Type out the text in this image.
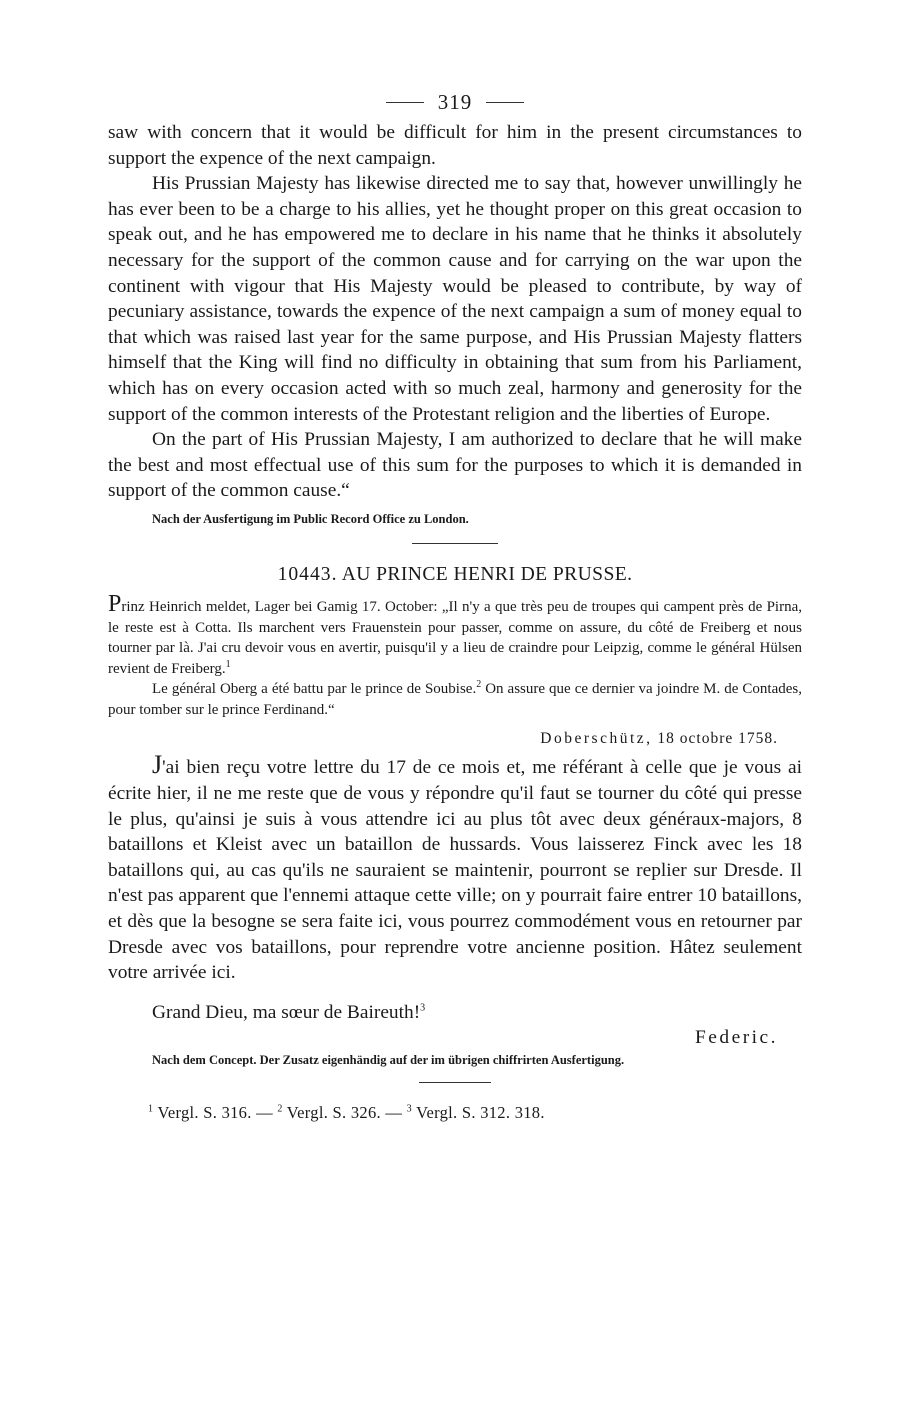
319

saw with concern that it would be difficult for him in the present circumstances to support the expence of the next campaign.

His Prussian Majesty has likewise directed me to say that, however unwillingly he has ever been to be a charge to his allies, yet he thought proper on this great occasion to speak out, and he has empowered me to declare in his name that he thinks it absolutely necessary for the support of the common cause and for carrying on the war upon the continent with vigour that His Majesty would be pleased to contribute, by way of pecuniary assistance, towards the expence of the next campaign a sum of money equal to that which was raised last year for the same purpose, and His Prussian Majesty flatters himself that the King will find no difficulty in obtaining that sum from his Parliament, which has on every occasion acted with so much zeal, harmony and generosity for the support of the common interests of the Protestant religion and the liberties of Europe.

On the part of His Prussian Majesty, I am authorized to declare that he will make the best and most effectual use of this sum for the purposes to which it is demanded in support of the common cause.“

Nach der Ausfertigung im Public Record Office zu London.
10443. AU PRINCE HENRI DE PRUSSE.

Prinz Heinrich meldet, Lager bei Gamig 17. October: „Il n'y a que très peu de troupes qui campent près de Pirna, le reste est à Cotta. Ils marchent vers Frauenstein pour passer, comme on assure, du côté de Freiberg et nous tourner par là. J'ai cru devoir vous en avertir, puisqu'il y a lieu de craindre pour Leipzig, comme le général Hülsen revient de Freiberg.$^1$

Le général Oberg a été battu par le prince de Soubise.$^2$ On assure que ce dernier va joindre M. de Contades, pour tomber sur le prince Ferdinand.“

Doberschütz, 18 octobre 1758.

J'ai bien reçu votre lettre du 17 de ce mois et, me référant à celle que je vous ai écrite hier, il ne me reste que de vous y répondre qu'il faut se tourner du côté qui presse le plus, qu'ainsi je suis à vous attendre ici au plus tôt avec deux généraux-majors, 8 bataillons et Kleist avec un bataillon de hussards. Vous laisserez Finck avec les 18 bataillons qui, au cas qu'ils ne sauraient se maintenir, pourront se replier sur Dresde. Il n'est pas apparent que l'ennemi attaque cette ville; on y pourrait faire entrer 10 bataillons, et dès que la besogne se sera faite ici, vous pourrez commodément vous en retourner par Dresde avec vos bataillons, pour reprendre votre ancienne position. Hâtez seulement votre arrivée ici.

Grand Dieu, ma sœur de Baireuth!$^3$

Federic.
Nach dem Concept. Der Zusatz eigenhändig auf der im übrigen chiffrirten Ausfertigung.
$^1$ Vergl. S. 316. — $^2$ Vergl. S. 326. — $^3$ Vergl. S. 312. 318.
